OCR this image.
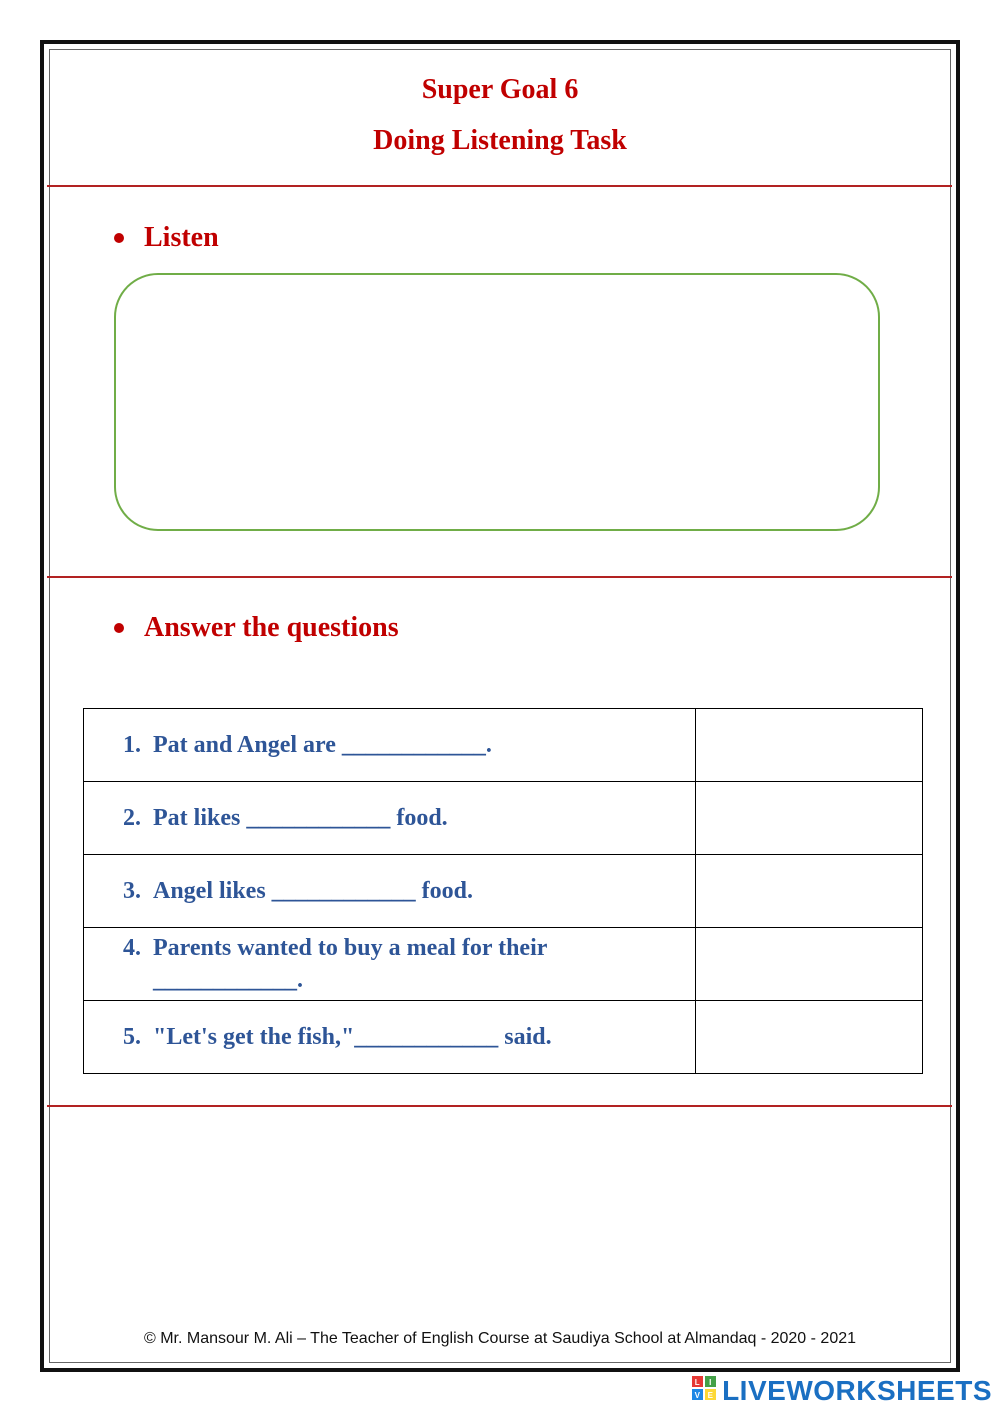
Super Goal 6
Doing Listening Task
Listen
Answer the questions
1. Pat and Angel are ____________.	

2. Pat likes ____________ food.	

3. Angel likes ____________ food.	

4. Parents wanted to buy a meal for their ____________.	

5. "Let's get the fish,"____________ said.	

© Mr. Mansour M. Ali – The Teacher of English Course at Saudiya School at Almandaq - 2020 - 2021
L I
V E LIVEWORKSHEETS
